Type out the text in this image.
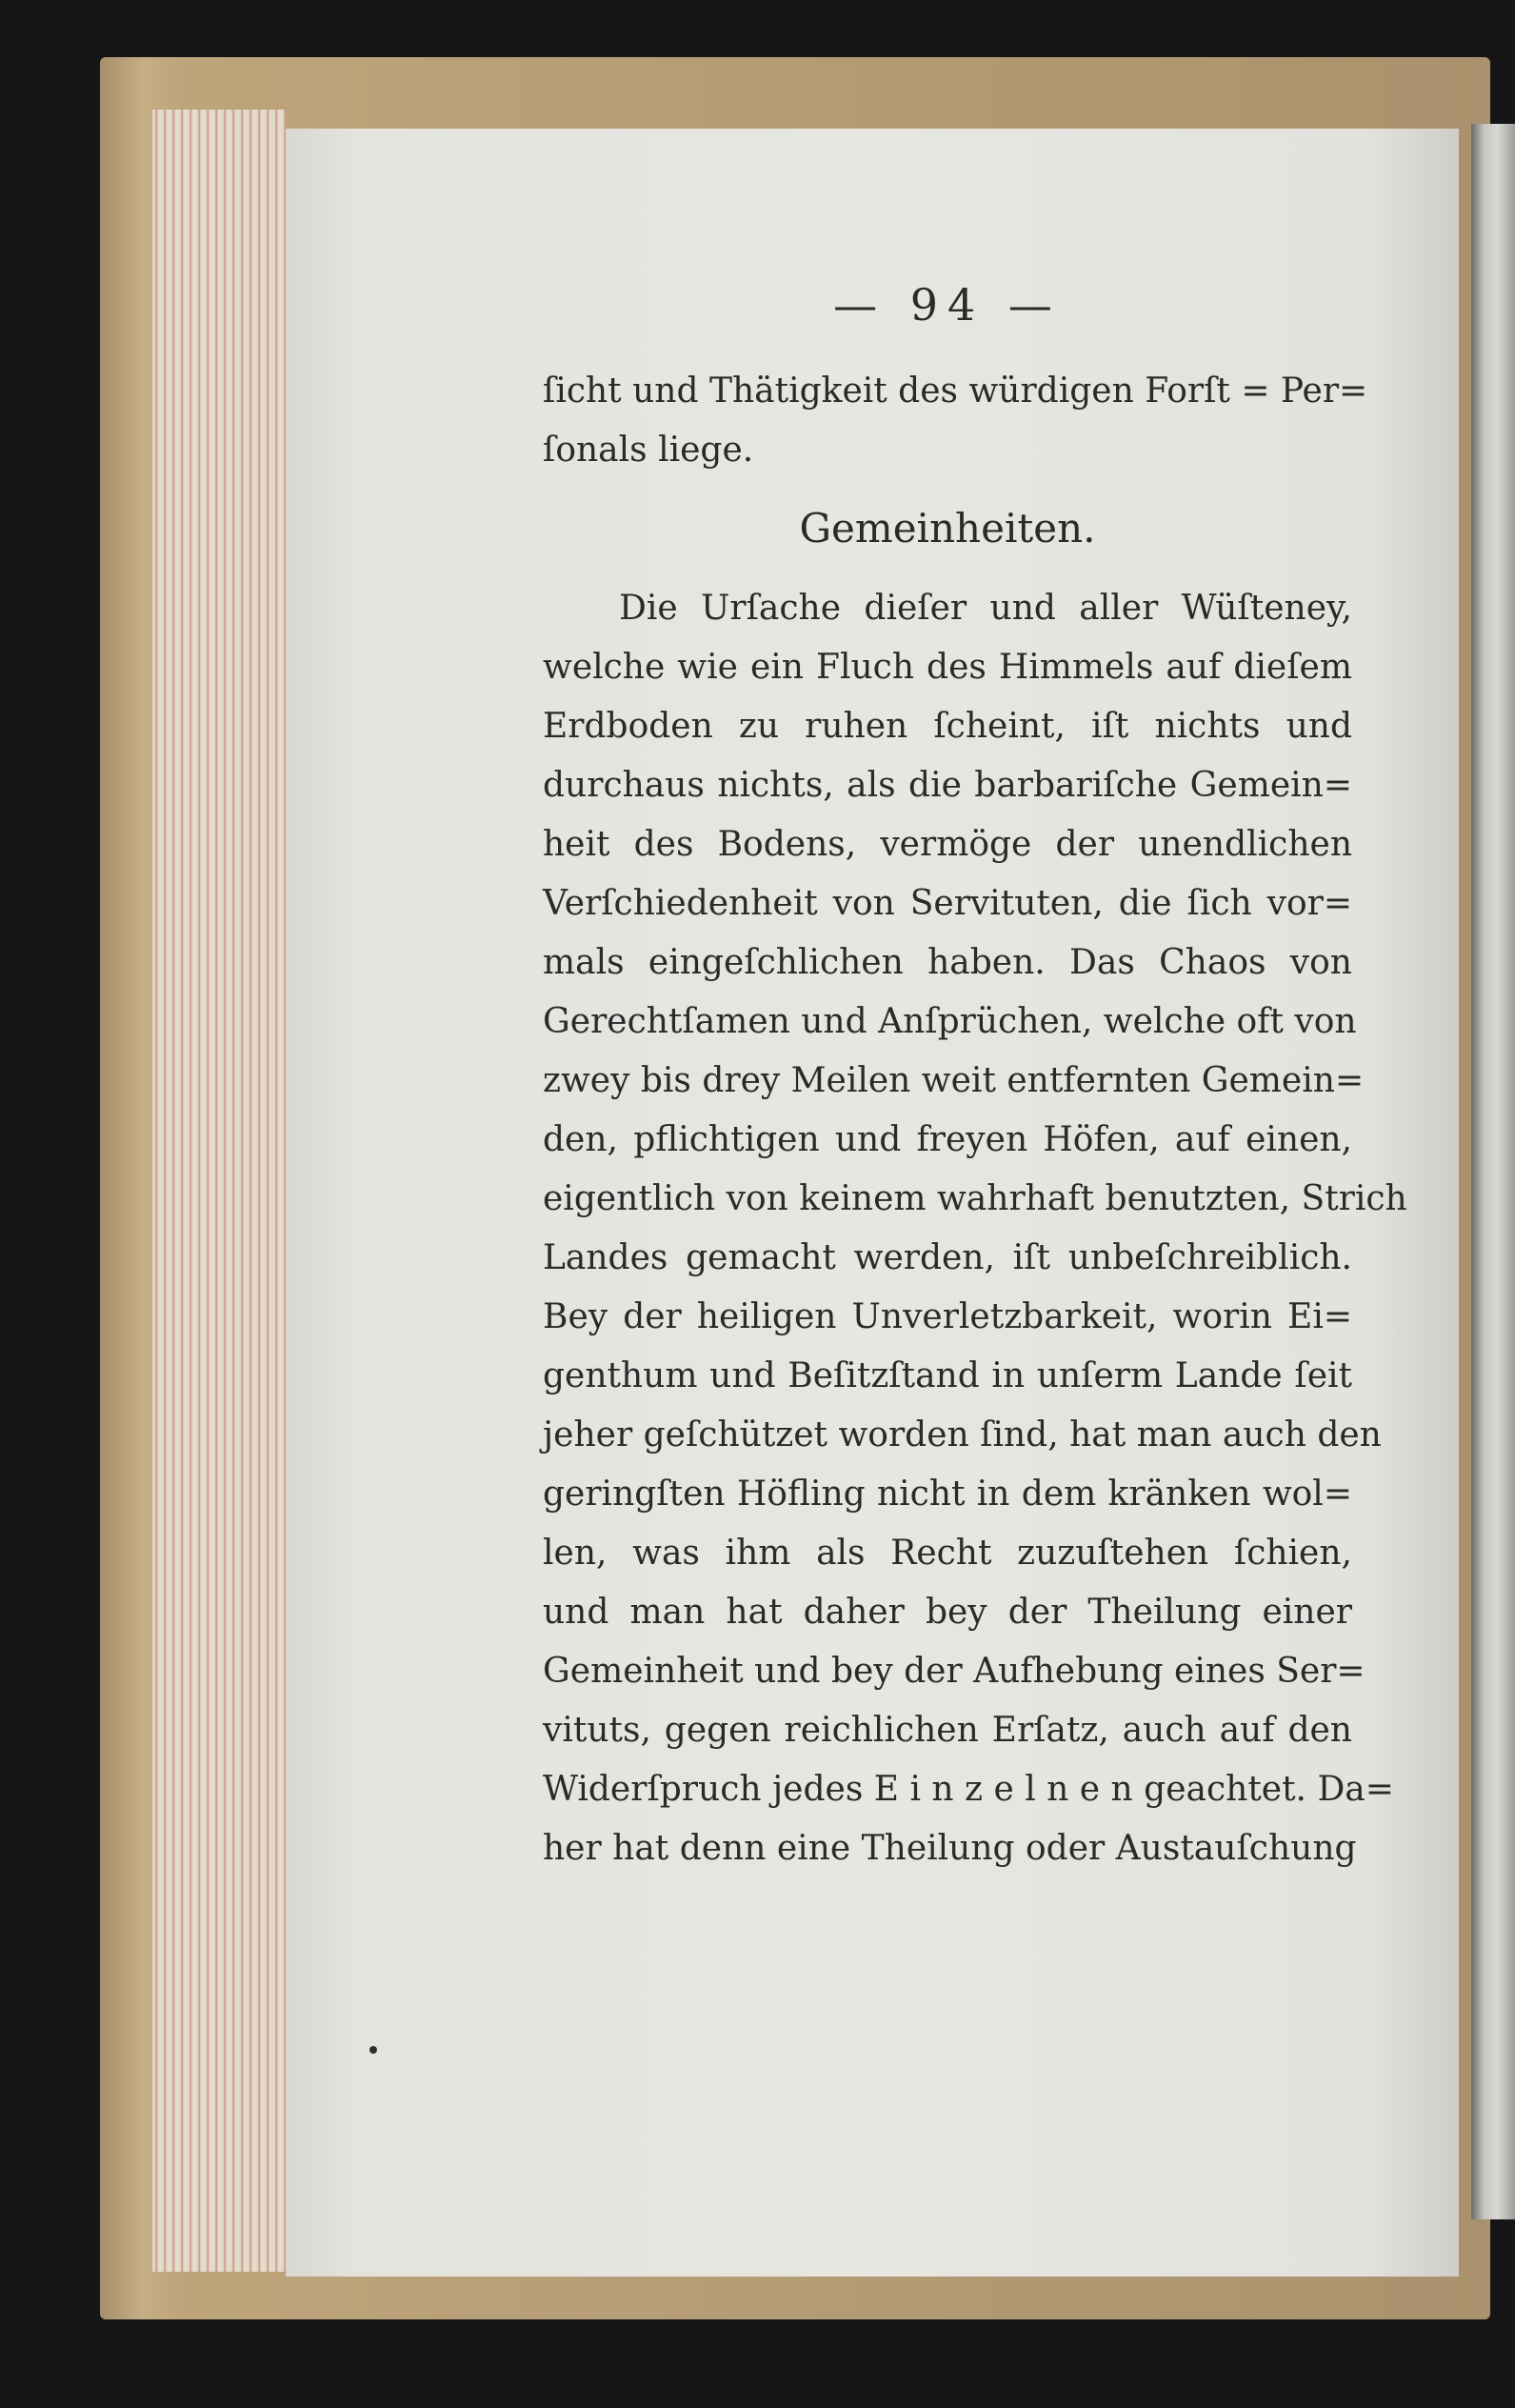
— 94 —
ſicht und Thätigkeit des würdigen Forſt = Per=
ſonals liege.
Gemeinheiten.
Die Urſache dieſer und aller Wüſteney,
welche wie ein Fluch des Himmels auf dieſem
Erdboden zu ruhen ſcheint, iſt nichts und
durchaus nichts, als die barbariſche Gemein=
heit des Bodens, vermöge der unendlichen
Verſchiedenheit von Servituten, die ſich vor=
mals eingeſchlichen haben. Das Chaos von
Gerechtſamen und Anſprüchen, welche oft von
zwey bis drey Meilen weit entfernten Gemein=
den, pflichtigen und freyen Höfen, auf einen,
eigentlich von keinem wahrhaft benutzten, Strich
Landes gemacht werden, iſt unbeſchreiblich.
Bey der heiligen Unverletzbarkeit, worin Ei=
genthum und Beſitzſtand in unſerm Lande ſeit
jeher geſchützet worden ſind, hat man auch den
geringſten Höfling nicht in dem kränken wol=
len, was ihm als Recht zuzuſtehen ſchien,
und man hat daher bey der Theilung einer
Gemeinheit und bey der Aufhebung eines Ser=
vituts, gegen reichlichen Erſatz, auch auf den
Widerſpruch jedes E i n z e l n e n geachtet. Da=
her hat denn eine Theilung oder Austauſchung
